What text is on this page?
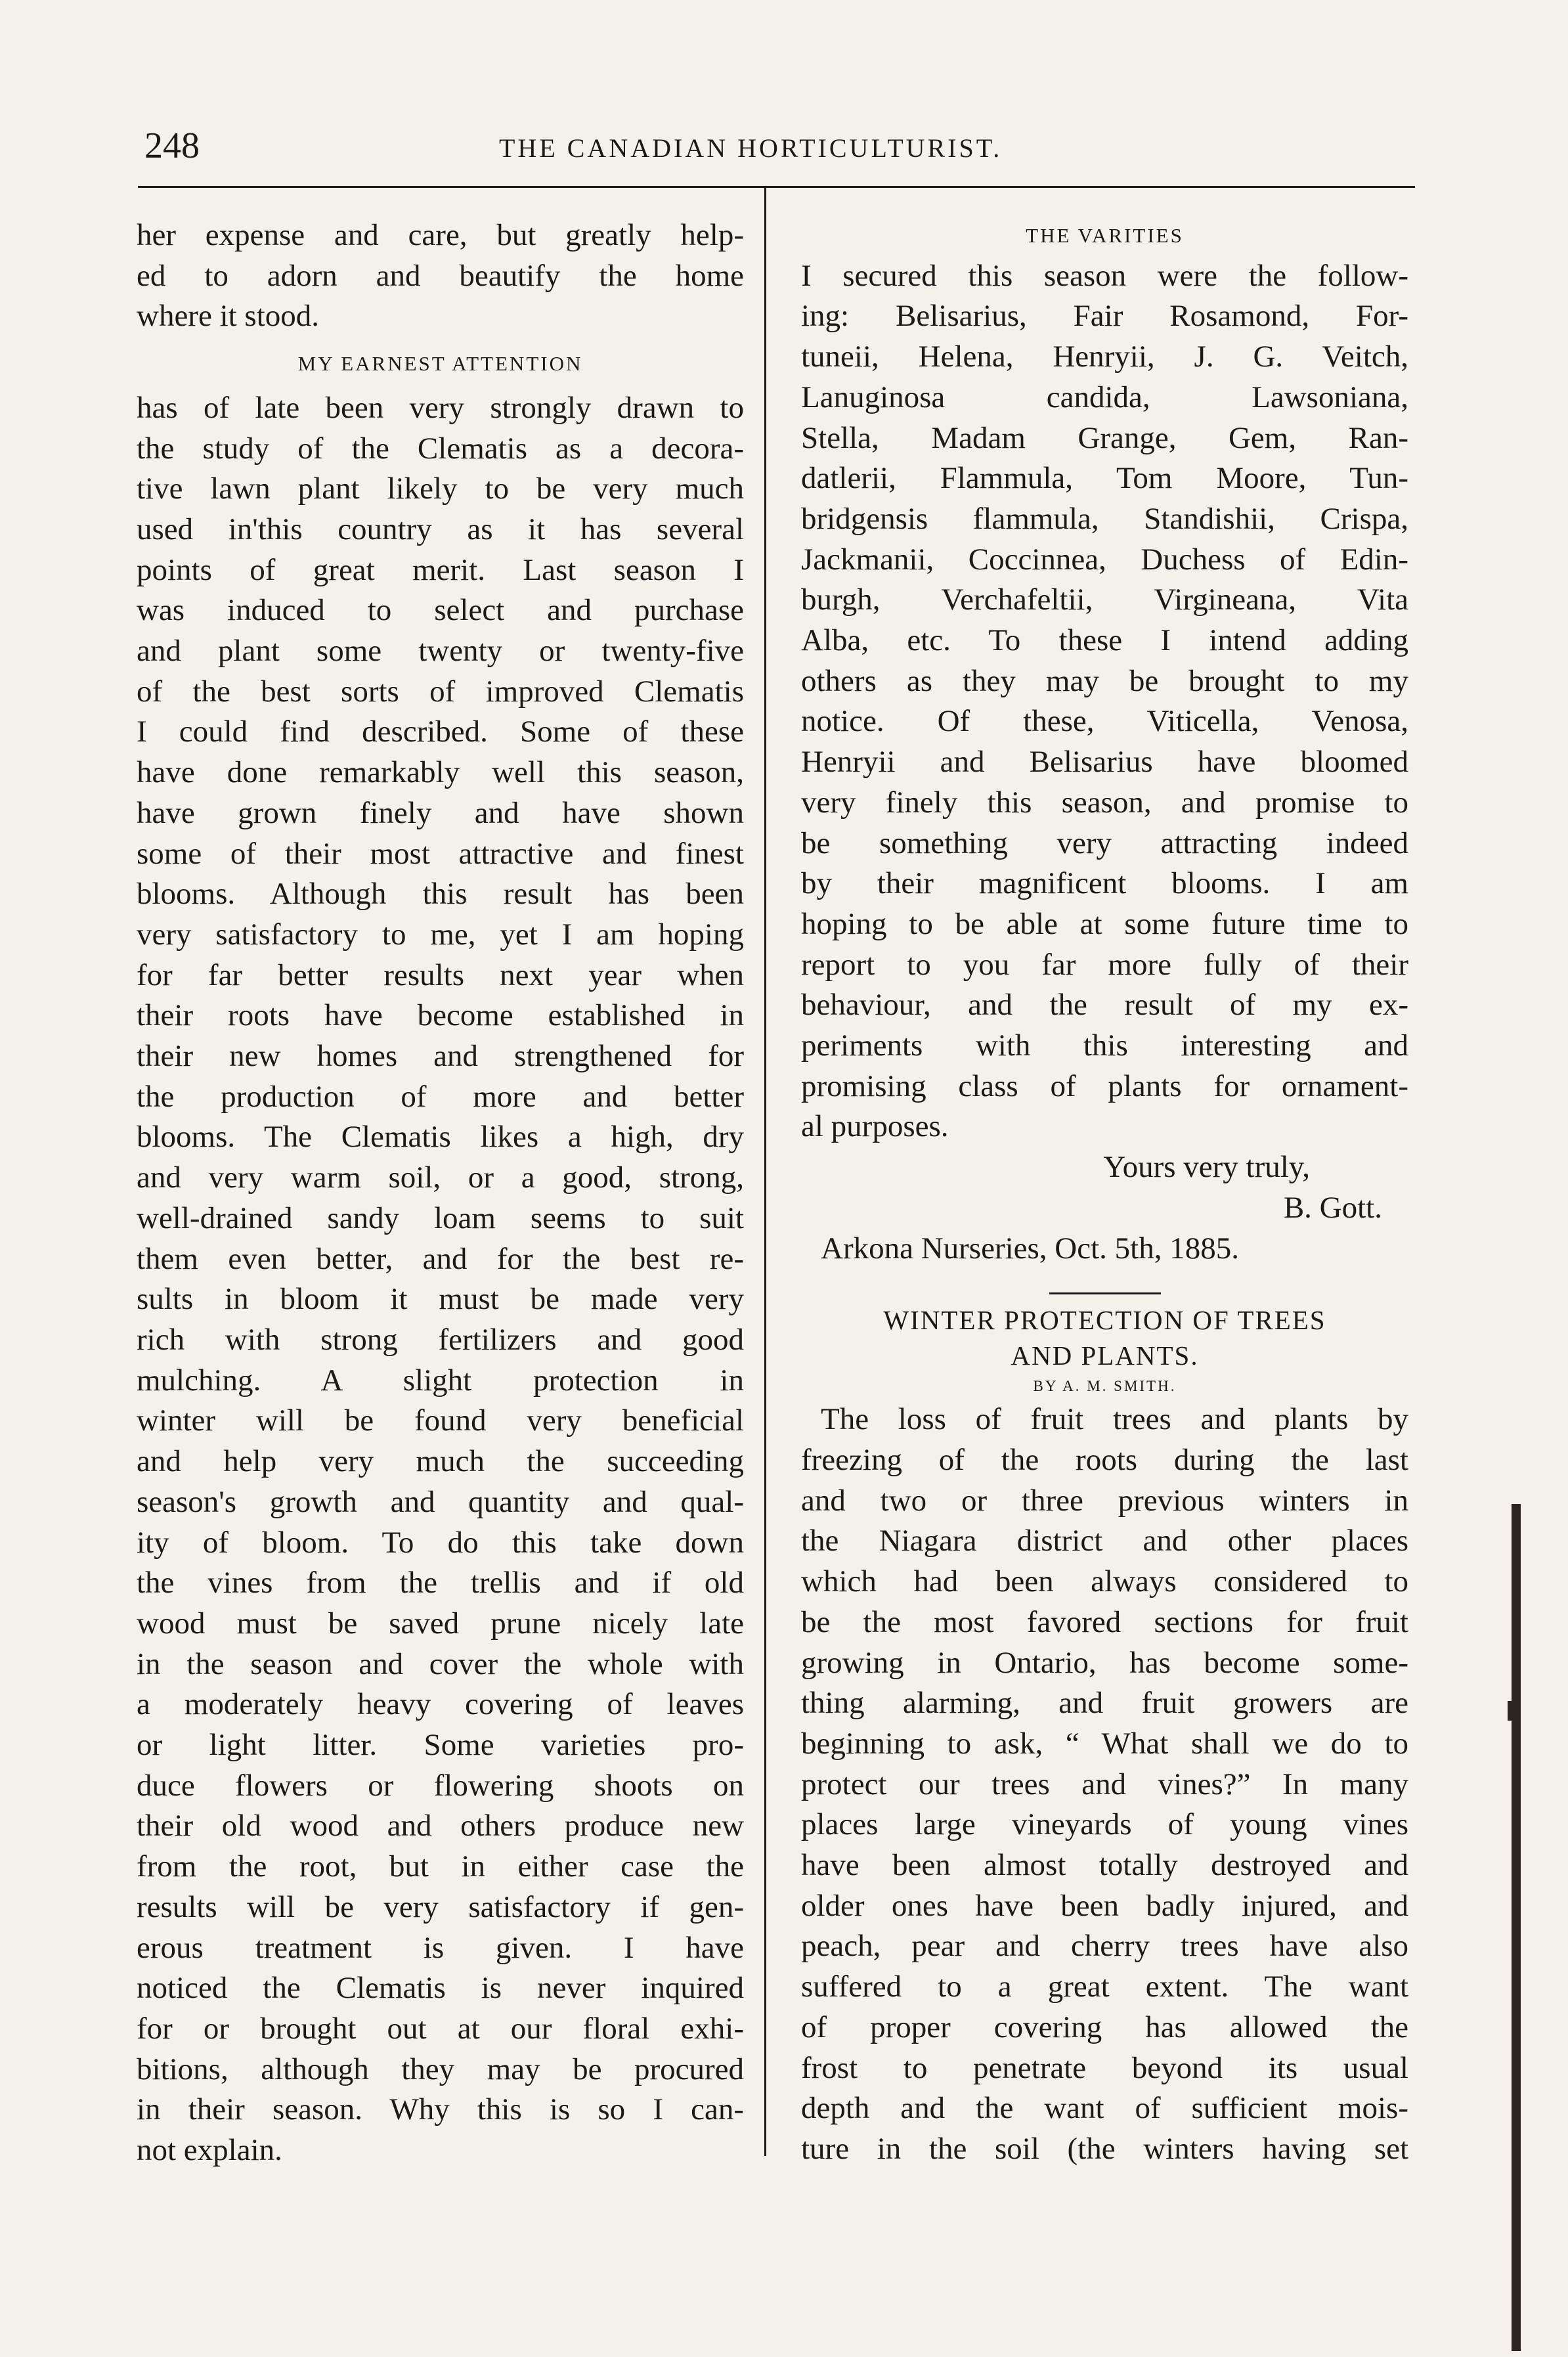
248	THE CANADIAN HORTICULTURIST.
her expense and care, but greatly help-
ed to adorn and beautify the home
where it stood.
MY EARNEST ATTENTION
has of late been very strongly drawn to
the study of the Clematis as a decora-
tive lawn plant likely to be very much
used in'this country as it has several
points of great merit. Last season I
was induced to select and purchase
and plant some twenty or twenty-five
of the best sorts of improved Clematis
I could find described. Some of these
have done remarkably well this season,
have grown finely and have shown
some of their most attractive and finest
blooms. Although this result has been
very satisfactory to me, yet I am hoping
for far better results next year when
their roots have become established in
their new homes and strengthened for
the production of more and better
blooms. The Clematis likes a high, dry
and very warm soil, or a good, strong,
well-drained sandy loam seems to suit
them even better, and for the best re-
sults in bloom it must be made very
rich with strong fertilizers and good
mulching. A slight protection in
winter will be found very beneficial
and help very much the succeeding
season's growth and quantity and qual-
ity of bloom. To do this take down
the vines from the trellis and if old
wood must be saved prune nicely late
in the season and cover the whole with
a moderately heavy covering of leaves
or light litter. Some varieties pro-
duce flowers or flowering shoots on
their old wood and others produce new
from the root, but in either case the
results will be very satisfactory if gen-
erous treatment is given. I have
noticed the Clematis is never inquired
for or brought out at our floral exhi-
bitions, although they may be procured
in their season. Why this is so I can-
not explain.
THE VARITIES
I secured this season were the follow-
ing: Belisarius, Fair Rosamond, For-
tuneii, Helena, Henryii, J. G. Veitch,
Lanuginosa candida, Lawsoniana,
Stella, Madam Grange, Gem, Ran-
datlerii, Flammula, Tom Moore, Tun-
bridgensis flammula, Standishii, Crispa,
Jackmanii, Coccinnea, Duchess of Edin-
burgh, Verchafeltii, Virgineana, Vita
Alba, etc. To these I intend adding
others as they may be brought to my
notice. Of these, Viticella, Venosa,
Henryii and Belisarius have bloomed
very finely this season, and promise to
be something very attracting indeed
by their magnificent blooms. I am
hoping to be able at some future time to
report to you far more fully of their
behaviour, and the result of my ex-
periments with this interesting and
promising class of plants for ornament-
al purposes.
Yours very truly,
B. Gott.
Arkona Nurseries, Oct. 5th, 1885.
WINTER PROTECTION OF TREES
AND PLANTS.
BY A. M. SMITH.
The loss of fruit trees and plants by
freezing of the roots during the last
and two or three previous winters in
the Niagara district and other places
which had been always considered to
be the most favored sections for fruit
growing in Ontario, has become some-
thing alarming, and fruit growers are
beginning to ask, “ What shall we do to
protect our trees and vines?” In many
places large vineyards of young vines
have been almost totally destroyed and
older ones have been badly injured, and
peach, pear and cherry trees have also
suffered to a great extent. The want
of proper covering has allowed the
frost to penetrate beyond its usual
depth and the want of sufficient mois-
ture in the soil (the winters having set
